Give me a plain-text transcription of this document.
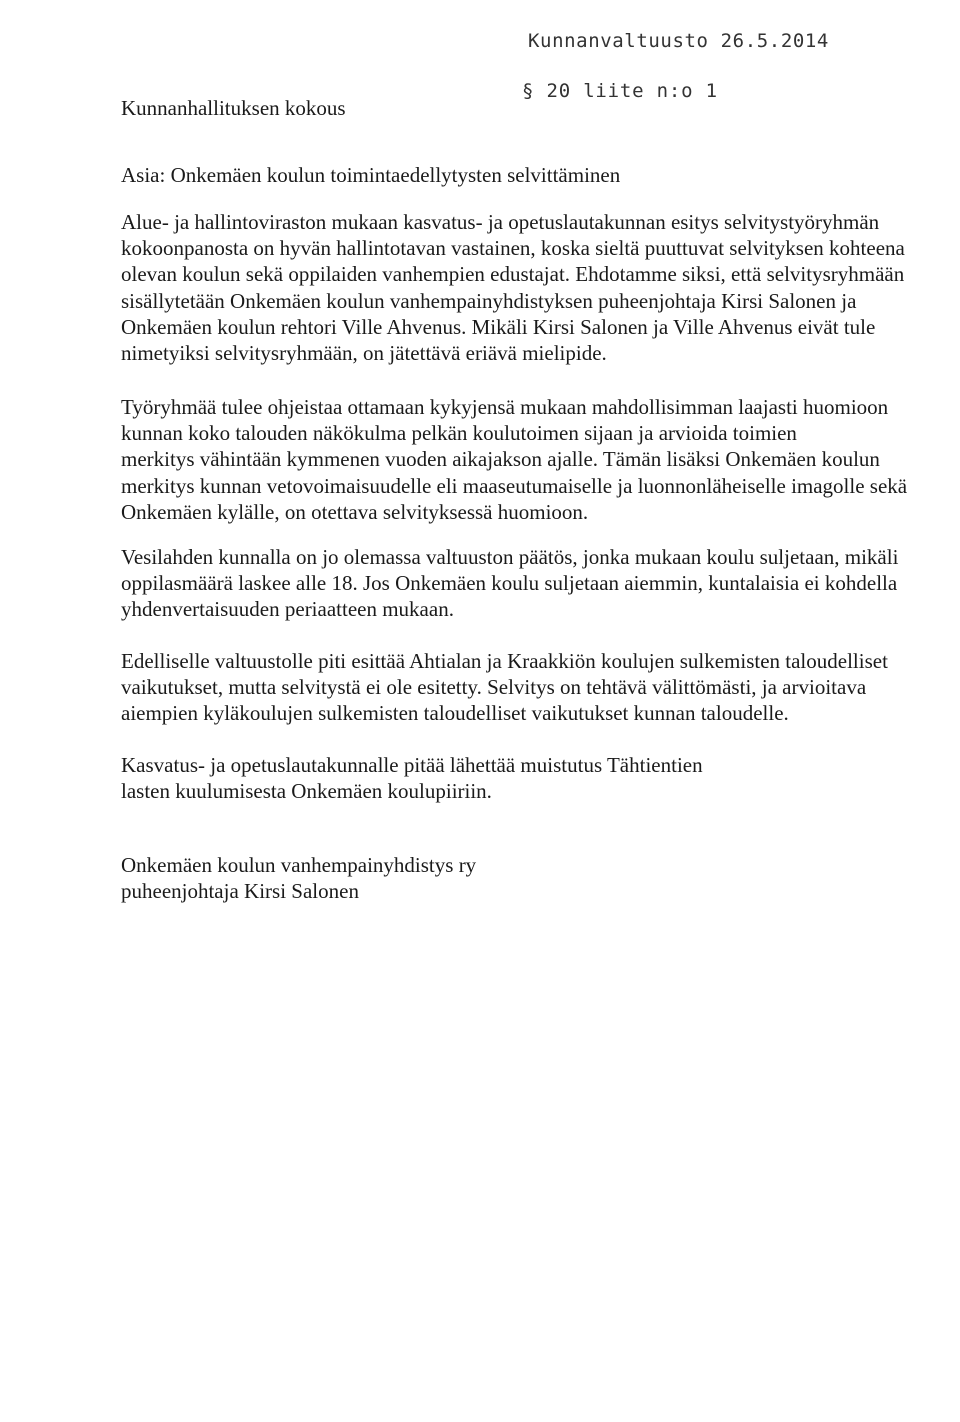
Kunnanvaltuusto 26.5.2014
§ 20 liite n:o 1
Kunnanhallituksen kokous
Asia: Onkemäen koulun toimintaedellytysten selvittäminen
Alue- ja hallintoviraston mukaan kasvatus- ja opetuslautakunnan esitys selvitystyöryhmän
kokoonpanosta on hyvän hallintotavan vastainen, koska sieltä puuttuvat selvityksen kohteena
olevan koulun sekä oppilaiden vanhempien edustajat. Ehdotamme siksi, että selvitysryhmään
sisällytetään Onkemäen koulun vanhempainyhdistyksen puheenjohtaja Kirsi Salonen ja
Onkemäen koulun rehtori Ville Ahvenus. Mikäli Kirsi Salonen ja Ville Ahvenus eivät tule
nimetyiksi selvitysryhmään, on jätettävä eriävä mielipide.
Työryhmää tulee ohjeistaa ottamaan kykyjensä mukaan mahdollisimman laajasti huomioon
kunnan koko talouden näkökulma pelkän koulutoimen sijaan ja arvioida toimien
merkitys vähintään kymmenen vuoden aikajakson ajalle. Tämän lisäksi Onkemäen koulun
merkitys kunnan vetovoimaisuudelle eli maaseutumaiselle ja luonnonläheiselle imagolle sekä
Onkemäen kylälle, on otettava selvityksessä huomioon.
Vesilahden kunnalla on jo olemassa valtuuston päätös, jonka mukaan koulu suljetaan, mikäli
oppilasmäärä laskee alle 18. Jos Onkemäen koulu suljetaan aiemmin, kuntalaisia ei kohdella
yhdenvertaisuuden periaatteen mukaan.
Edelliselle valtuustolle piti esittää Ahtialan ja Kraakkiön koulujen sulkemisten taloudelliset
vaikutukset, mutta selvitystä ei ole esitetty. Selvitys on tehtävä välittömästi, ja arvioitava
aiempien kyläkoulujen sulkemisten taloudelliset vaikutukset kunnan taloudelle.
Kasvatus- ja opetuslautakunnalle pitää lähettää muistutus Tähtientien
lasten kuulumisesta Onkemäen koulupiiriin.
Onkemäen koulun vanhempainyhdistys ry
puheenjohtaja Kirsi Salonen
